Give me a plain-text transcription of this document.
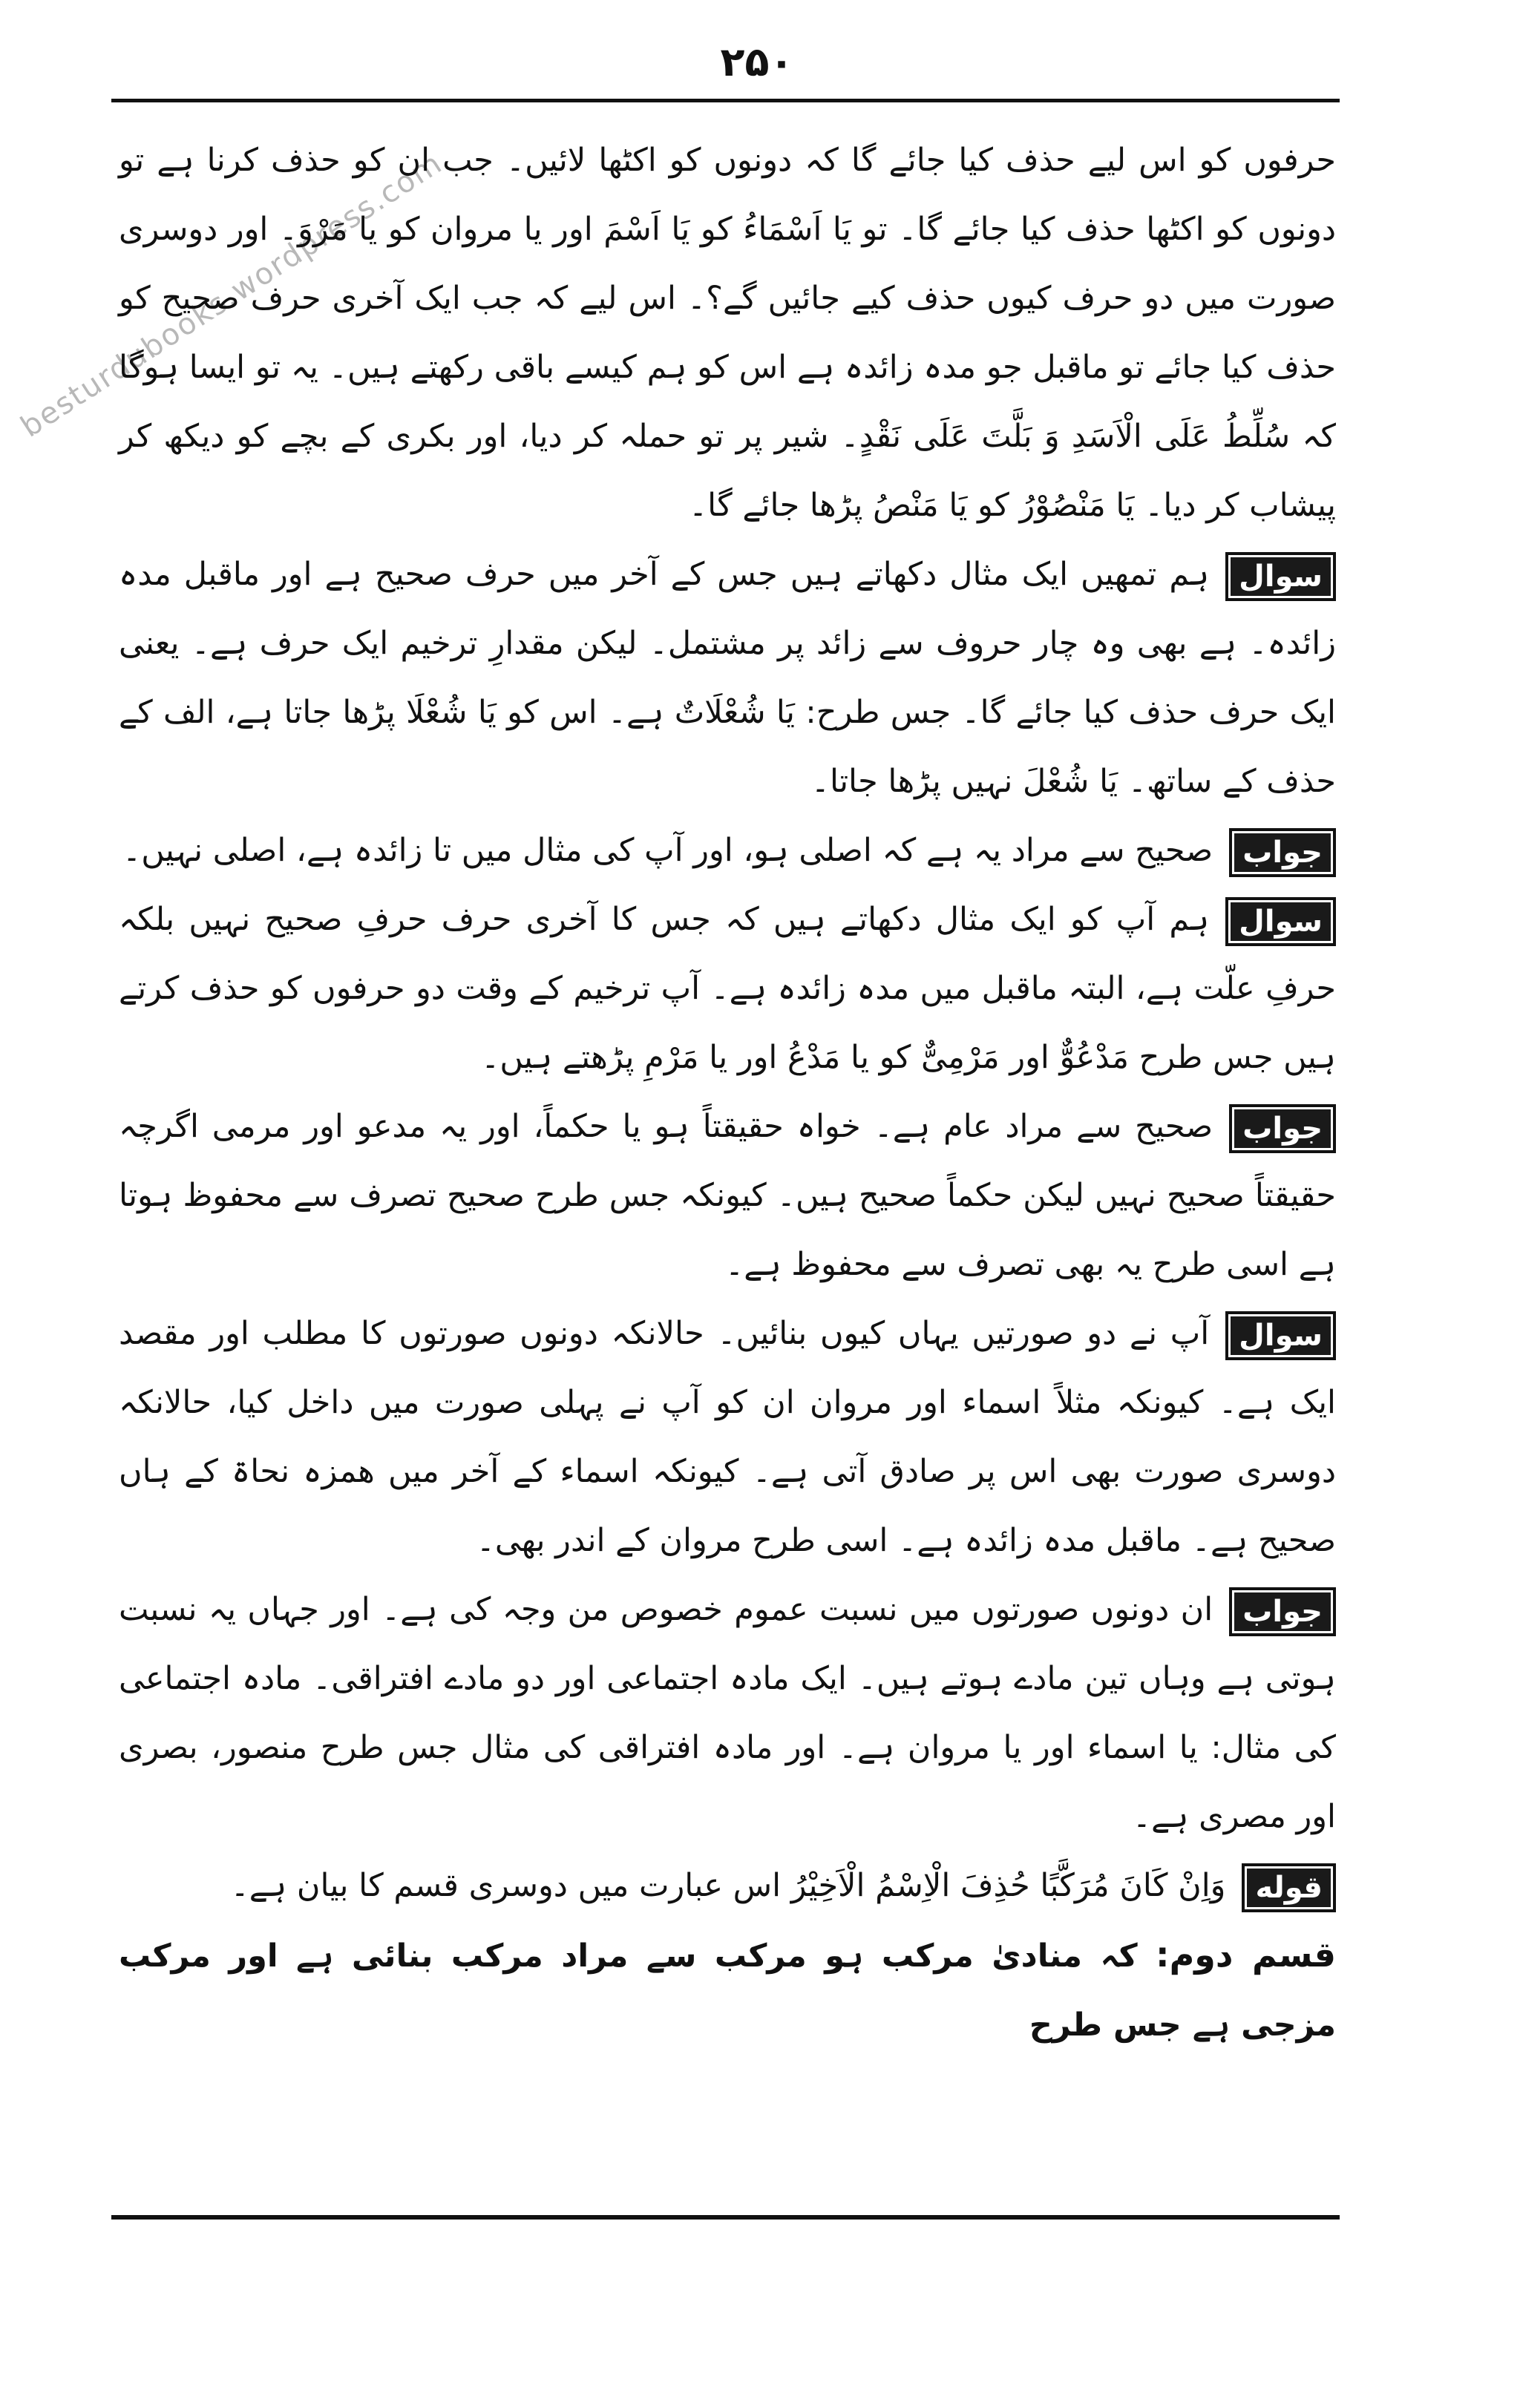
besturdubooks.wordpress.com
۲۵۰

حرفوں کو اس لیے حذف کیا جائے گا کہ دونوں کو اکٹھا لائیں۔ جب ان کو حذف کرنا ہے تو دونوں کو اکٹھا حذف کیا جائے گا۔ تو یَا اَسْمَاءُ کو یَا اَسْمَ اور یا مروان کو یا مَرْوَ۔ اور دوسری صورت میں دو حرف کیوں حذف کیے جائیں گے؟۔ اس لیے کہ جب ایک آخری حرف صحیح کو حذف کیا جائے تو ماقبل جو مدہ زائدہ ہے اس کو ہم کیسے باقی رکھتے ہیں۔ یہ تو ایسا ہوگا کہ سُلِّطُ عَلَى الْاَسَدِ وَ بَلَّتَ عَلَى نَقْدٍ۔ شیر پر تو حملہ کر دیا، اور بکری کے بچے کو دیکھ کر پیشاب کر دیا۔ یَا مَنْصُوْرُ کو یَا مَنْصُ پڑھا جائے گا۔

سوالہم تمھیں ایک مثال دکھاتے ہیں جس کے آخر میں حرف صحیح ہے اور ماقبل مدہ زائدہ۔ ہے بھی وہ چار حروف سے زائد پر مشتمل۔ لیکن مقدارِ ترخیم ایک حرف ہے۔ یعنی ایک حرف حذف کیا جائے گا۔ جس طرح: یَا شُعْلَاتٌ ہے۔ اس کو یَا شُعْلَا پڑھا جاتا ہے، الف کے حذف کے ساتھ۔ یَا شُعْلَ نہیں پڑھا جاتا۔

جوابصحیح سے مراد یہ ہے کہ اصلی ہو، اور آپ کی مثال میں تا زائدہ ہے، اصلی نہیں۔

سوالہم آپ کو ایک مثال دکھاتے ہیں کہ جس کا آخری حرف حرفِ صحیح نہیں بلکہ حرفِ علّت ہے، البتہ ماقبل میں مدہ زائدہ ہے۔ آپ ترخیم کے وقت دو حرفوں کو حذف کرتے ہیں جس طرح مَدْعُوٌّ اور مَرْمِیٌّ کو یا مَدْعُ اور یا مَرْمِ پڑھتے ہیں۔

جوابصحیح سے مراد عام ہے۔ خواہ حقیقتاً ہو یا حکماً، اور یہ مدعو اور مرمی اگرچہ حقیقتاً صحیح نہیں لیکن حکماً صحیح ہیں۔ کیونکہ جس طرح صحیح تصرف سے محفوظ ہوتا ہے اسی طرح یہ بھی تصرف سے محفوظ ہے۔

سوالآپ نے دو صورتیں یہاں کیوں بنائیں۔ حالانکہ دونوں صورتوں کا مطلب اور مقصد ایک ہے۔ کیونکہ مثلاً اسماء اور مروان ان کو آپ نے پہلی صورت میں داخل کیا، حالانکہ دوسری صورت بھی اس پر صادق آتی ہے۔ کیونکہ اسماء کے آخر میں ھمزہ نحاۃ کے ہاں صحیح ہے۔ ماقبل مدہ زائدہ ہے۔ اسی طرح مروان کے اندر بھی۔

جوابان دونوں صورتوں میں نسبت عموم خصوص من وجہ کی ہے۔ اور جہاں یہ نسبت ہوتی ہے وہاں تین مادے ہوتے ہیں۔ ایک مادہ اجتماعی اور دو مادے افتراقی۔ مادہ اجتماعی کی مثال: یا اسماء اور یا مروان ہے۔ اور مادہ افتراقی کی مثال جس طرح منصور، بصری اور مصری ہے۔

قولهوَاِنْ كَانَ مُرَكَّبًا حُذِفَ الْاِسْمُ الْاَخِيْرُ اس عبارت میں دوسری قسم کا بیان ہے۔

قسم دوم: کہ منادیٰ مرکب ہو مرکب سے مراد مرکب بنائی ہے اور مرکب مزجی ہے جس طرح
